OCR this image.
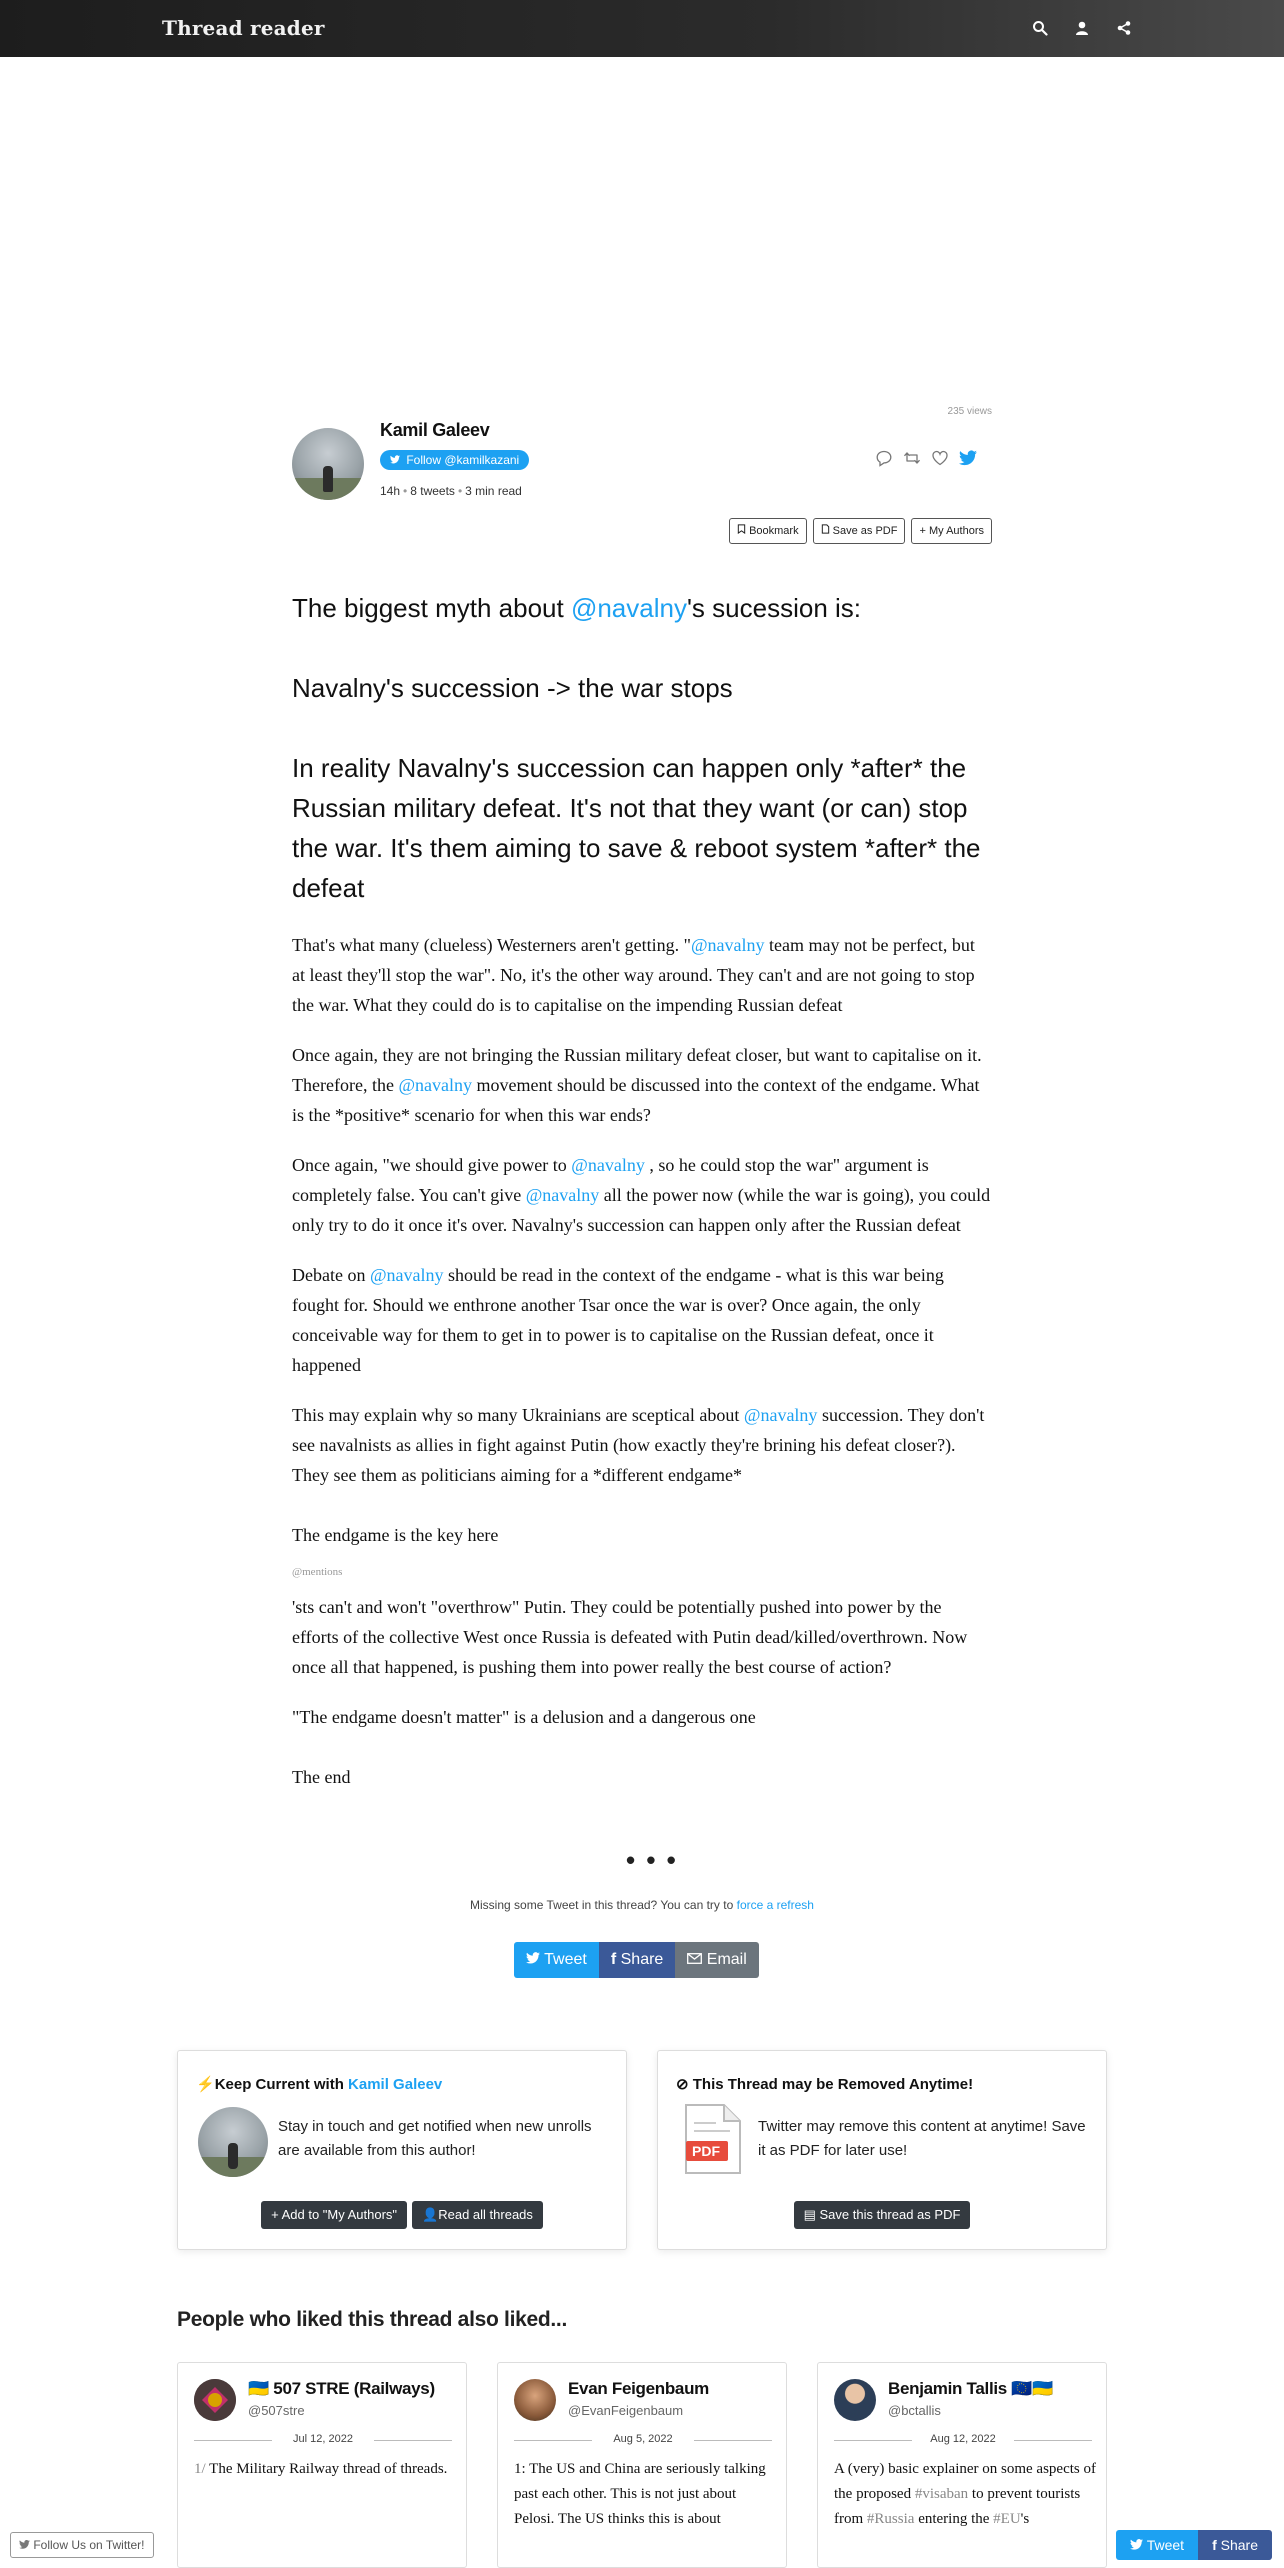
Thread reader
235 views
Kamil Galeev
Follow @kamilkazani
14h • 8 tweets • 3 min read
Bookmark	Save as PDF	+ My Authors
The biggest myth about @navalny's sucession is:
Navalny's succession -> the war stops
In reality Navalny's succession can happen only *after* the Russian military defeat. It's not that they want (or can) stop the war. It's them aiming to save & reboot system *after* the defeat

That's what many (clueless) Westerners aren't getting. "@navalny team may not be perfect, but at least they'll stop the war". No, it's the other way around. They can't and are not going to stop the war. What they could do is to capitalise on the impending Russian defeat

Once again, they are not bringing the Russian military defeat closer, but want to capitalise on it. Therefore, the @navalny movement should be discussed into the context of the endgame. What is the *positive* scenario for when this war ends?

Once again, "we should give power to @navalny , so he could stop the war" argument is completely false. You can't give @navalny all the power now (while the war is going), you could only try to do it once it's over. Navalny's succession can happen only after the Russian defeat

Debate on @navalny should be read in the context of the endgame - what is this war being fought for. Should we enthrone another Tsar once the war is over? Once again, the only conceivable way for them to get in to power is to capitalise on the Russian defeat, once it happened

This may explain why so many Ukrainians are sceptical about @navalny succession. They don't see navalnists as allies in fight against Putin (how exactly they're brining his defeat closer?). They see them as politicians aiming for a *different endgame*

The endgame is the key here

@mentions

'sts can't and won't "overthrow" Putin. They could be potentially pushed into power by the efforts of the collective West once Russia is defeated with Putin dead/killed/overthrown. Now once all that happened, is pushing them into power really the best course of action?

"The endgame doesn't matter" is a delusion and a dangerous one

The end

• • •
Missing some Tweet in this thread? You can try to force a refresh
Tweet	f Share	Email
⚡Keep Current with Kamil Galeev
Stay in touch and get notified when new unrolls are available from this author!
+ Add to "My Authors"	👤Read all threads
⊘ This Thread may be Removed Anytime!
PDF
Twitter may remove this content at anytime! Save it as PDF for later use!
▤ Save this thread as PDF
People who liked this thread also liked...
🇺🇦 507 STRE (Railways)
@507stre
Jul 12, 2022
1/ The Military Railway thread of threads.
Evan Feigenbaum
@EvanFeigenbaum
Aug 5, 2022
1: The US and China are seriously talking past each other. This is not just about Pelosi. The US thinks this is about
Benjamin Tallis 🇪🇺🇺🇦
@bctallis
Aug 12, 2022
A (very) basic explainer on some aspects of the proposed #visaban to prevent tourists from #Russia entering the #EU's
Follow Us on Twitter!	Tweet	f Share
